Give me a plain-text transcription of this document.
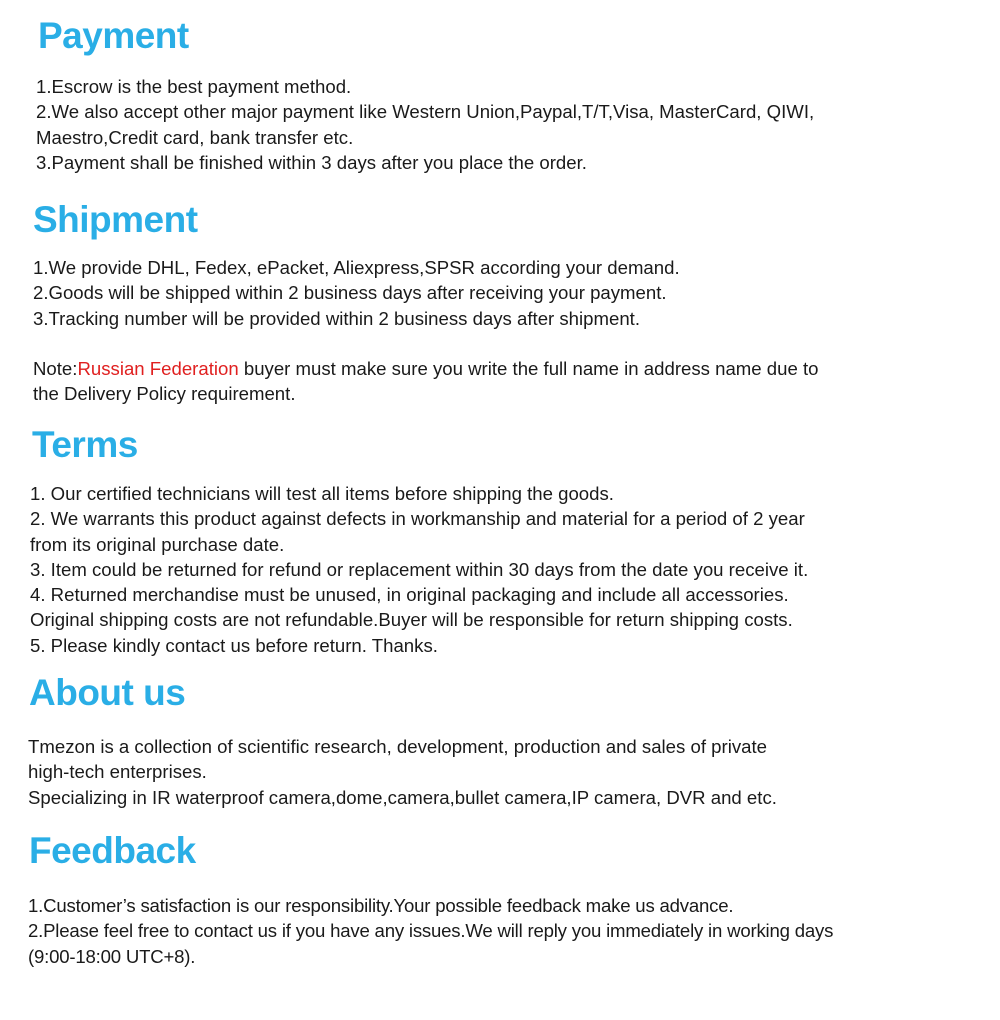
Payment
1.Escrow is the best payment method.
2.We also accept other major payment like Western Union,Paypal,T/T,Visa, MasterCard, QIWI,
Maestro,Credit card, bank transfer etc.
3.Payment shall be finished within 3 days after you place the order.
Shipment
1.We provide DHL, Fedex, ePacket, Aliexpress,SPSR according your demand.
2.Goods will be shipped within 2 business days after receiving your payment.
3.Tracking number will be provided within 2 business days after shipment.
Note:Russian Federation buyer must make sure you write the full name in address name due to
the Delivery Policy requirement.
Terms
1. Our certified technicians will test all items before shipping the goods.
2. We warrants this product against defects in workmanship and material for a period of 2 year
from its original purchase date.
3. Item could be returned for refund or replacement within 30 days from the date you receive it.
4. Returned merchandise must be unused, in original packaging and include all accessories.
Original shipping costs are not refundable.Buyer will be responsible for return shipping costs.
5. Please kindly contact us before return. Thanks.
About us
Tmezon is a collection of scientific research, development, production and sales of private
high-tech enterprises.
Specializing in IR waterproof camera,dome,camera,bullet camera,IP camera, DVR and etc.
Feedback
1.Customer’s satisfaction is our responsibility.Your possible feedback make us advance.
2.Please feel free to contact us if you have any issues.We will reply you immediately in working days
(9:00-18:00 UTC+8).
